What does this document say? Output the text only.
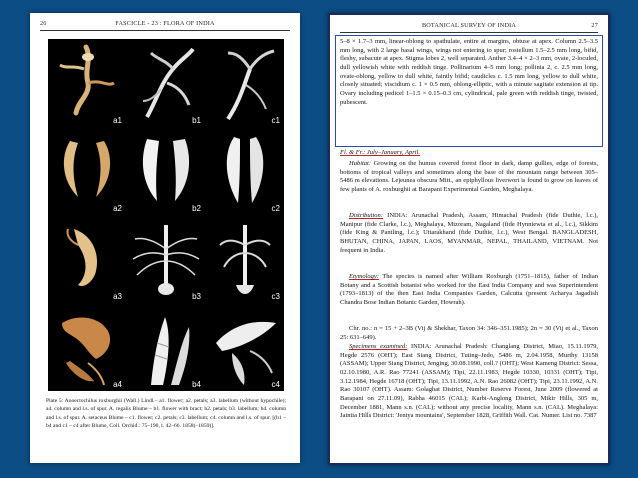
26	FASCICLE - 23 : FLORA OF INDIA
a1	b1	c1
a2	b2	c2
a3	b3	c3
a4	b4	c4
Plate 5: Anoectochilus roxburghii (Wall.) Lindl.– a1. flower; a2. petals; a3. labellum (without hypochile); a4. column and l.s. of spur. A. regalis Blume – b1. flower with bract; b2. petals; b3. labellum; b4. column and l.s. of spur. A. setaceus Blume – c1. flower; c2. petals; c3. labellum; c4. column and l.s. of spur. [(b1 – b4 and c1 – c4 after Blume, Coll. Orchid.: 75–190, t. 42–66. 1858(–1859)].
BOTANICAL SURVEY OF INDIA	27
5–8 × 1.7–3 mm, linear-oblong to spathulate, entire at margins, obtuse at apex. Column 2.5–3.5 mm long, with 2 large basal wings, wings not entering to spur; rostellum 1.5–2.5 mm long, bifid, fleshy, subacute at apex. Stigma lobes 2, well separated. Anther 3.4–4 × 2–3 mm, ovate, 2-loculed, dull yellowish white with reddish tinge. Pollinarium 4–5 mm long; pollinia 2, c. 2.5 mm long, ovate-oblong, yellow to dull white, faintly bifid; caudicles c. 1.5 mm long, yellow to dull white, closely situated; viscidium c. 1 × 0.5 mm, oblong-elliptic, with a minute sagitate extension at tip. Ovary including pedicel 1–1.5 × 0.15–0.3 cm, cylindrical, pale green with reddish tinge, twisted, pubescent.
Fl. & Fr.: July–January, April.
Habitat: Growing on the humus covered forest floor in dark, damp gullies, edge of forests, bottoms of tropical valleys and sometimes along the base of the mountain range between 305–5486 m elevations. Lejeunea obscura Mitt., an epiphyllous liverwort is found to grow on leaves of few plants of A. roxburghii at Barapani Experimental Garden, Meghalaya.
Distribution: INDIA: Arunachal Pradesh, Assam, Himachal Pradesh (fide Duthie, l.c.), Manipur (fide Clarke, l.c.), Meghalaya, Mizoram, Nagaland (fide Hynniewta et al., l.c.), Sikkim (fide King & Pantling, l.c.); Uttarakhand (fide Duthie, l.c.), West Bengal. BANGLADESH, BHUTAN, CHINA, JAPAN, LAOS, MYANMAR, NEPAL, THAILAND, VIETNAM. Not frequent in India.
Etymology: The species is named after William Roxburgh (1751–1815), father of Indian Botany and a Scottish botanist who worked for the East India Company and was Superintendent (1793–1813) of the then East India Companies Garden, Calcutta (present Acharya Jagadish Chandra Bose Indian Botanic Garden, Howrah).
Chr. no.: n = 15 + 2–3B (Vij & Shekhar, Taxon 34: 346–351.1985); 2n = 30 (Vij et al., Taxon 25: 631–649).
Specimens examined: INDIA: Arunachal Pradesh: Changlang District, Miao, 15.11.1979, Hegde 2576 (OHT); East Siang District, Tuting–Jedo, 5486 m, 2.04.1958, Murthy 13158 (ASSAM); Upper Siang District, Jenging, 30.08.1990, coll.? (OHT); West Kameng District: Sessa, 02.10.1980, A.R. Rao 77241 (ASSAM); Tipi, 22.11.1983, Hegde 10330, 10331 (OHT); Tipi, 3.12.1984, Hegde 16718 (OHT); Tipi, 13.11.1992, A.N. Rao 26082 (OHT); Tipi, 23.11.1992, A.N. Rao 30107 (OHT). Assam: Golaghat District, Number Reserve Forest, June 2009 (flowered at Barapani on 27.11.09), Rabha 46015 (CAL); Karbi-Anglong District, Mikir Hills, 305 m, December 1881, Mann s.n. (CAL); without any precise locality, Mann s.n. (CAL). Meghalaya: Jaintia Hills District: 'Jentya mountains', September 1828, Griffith Wall. Cat. Numer. List no. 7387
